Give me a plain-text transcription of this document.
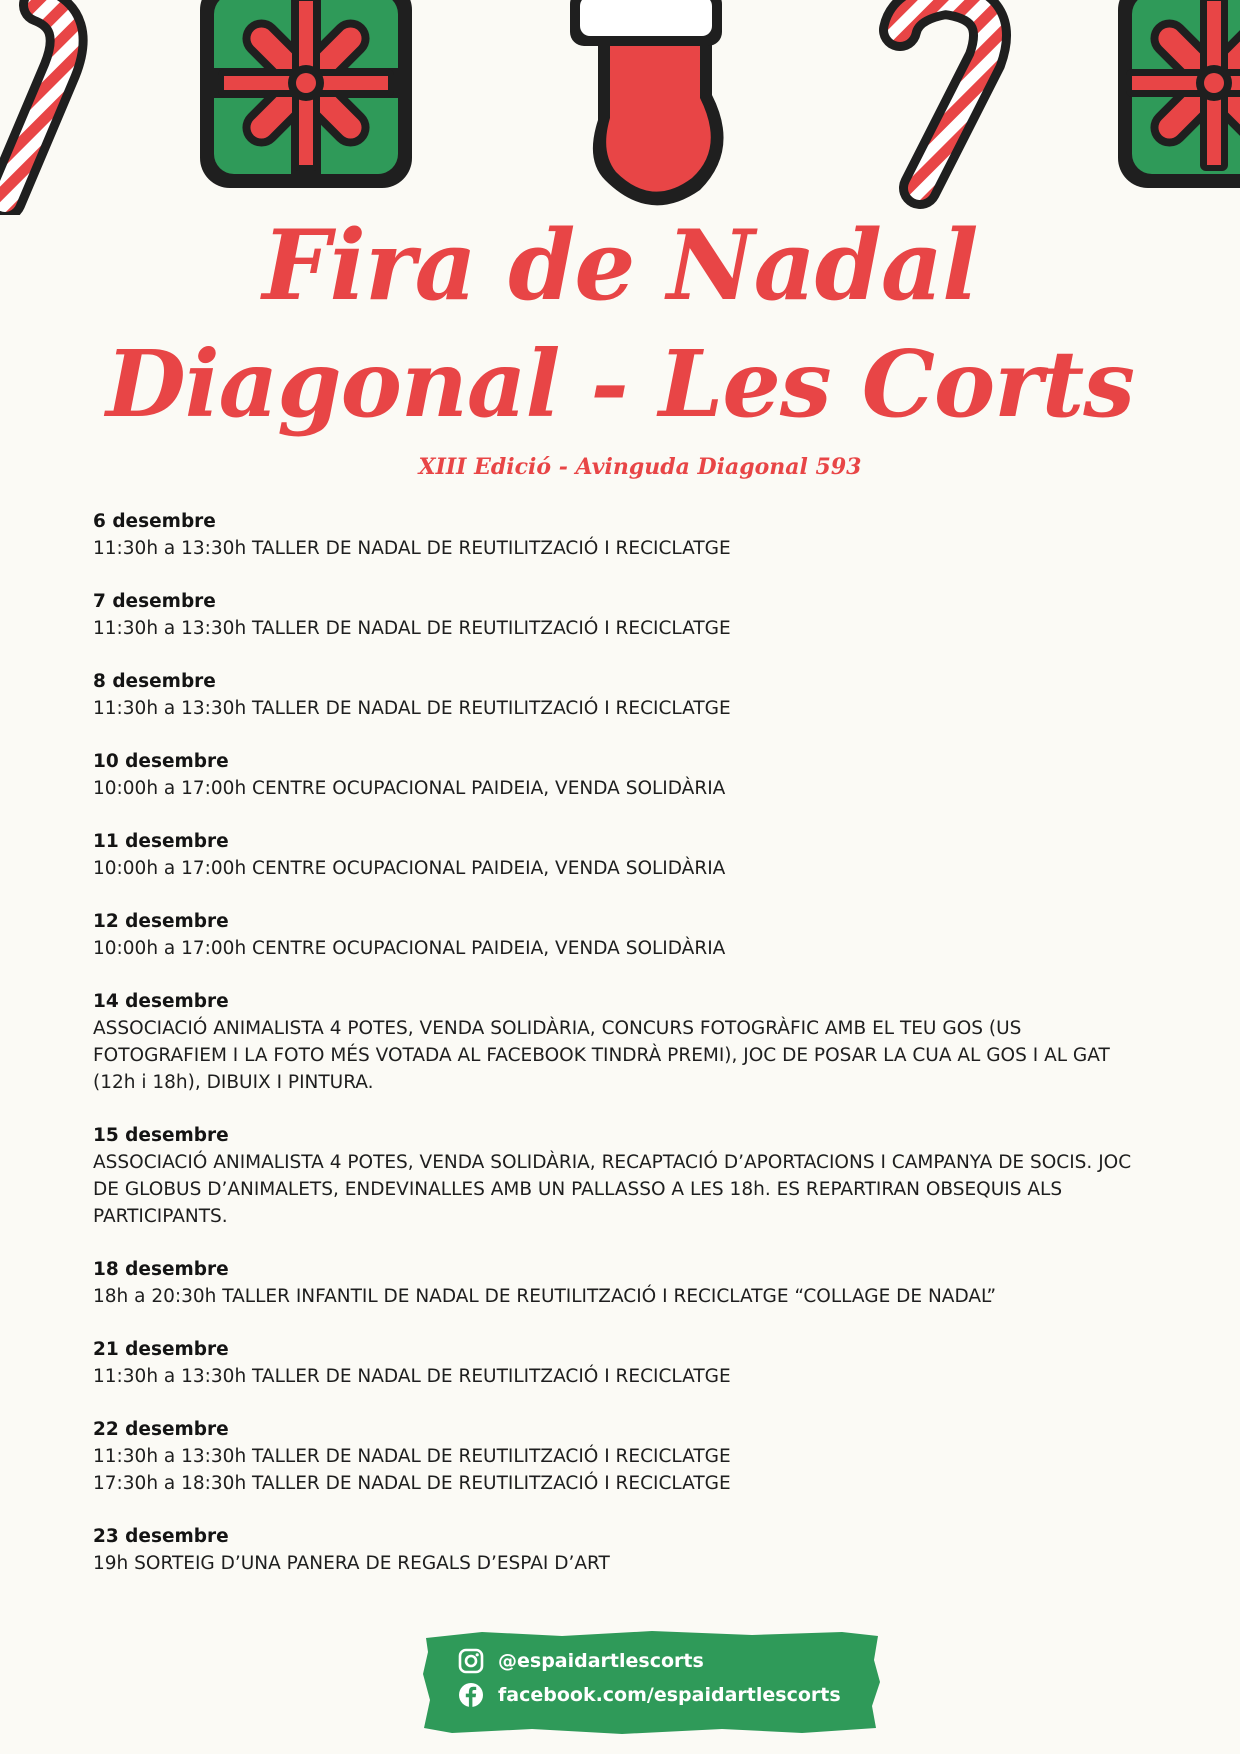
Fira de Nadal
Diagonal - Les Corts
XIII Edició - Avinguda Diagonal 593
6 desembre
11:30h a 13:30h TALLER DE NADAL DE REUTILITZACIÓ I RECICLATGE
7 desembre
11:30h a 13:30h TALLER DE NADAL DE REUTILITZACIÓ I RECICLATGE
8 desembre
11:30h a 13:30h TALLER DE NADAL DE REUTILITZACIÓ I RECICLATGE
10 desembre
10:00h a 17:00h CENTRE OCUPACIONAL PAIDEIA, VENDA SOLIDÀRIA
11 desembre
10:00h a 17:00h CENTRE OCUPACIONAL PAIDEIA, VENDA SOLIDÀRIA
12 desembre
10:00h a 17:00h CENTRE OCUPACIONAL PAIDEIA, VENDA SOLIDÀRIA
14 desembre
ASSOCIACIÓ ANIMALISTA 4 POTES, VENDA SOLIDÀRIA, CONCURS FOTOGRÀFIC AMB EL TEU GOS (US FOTOGRAFIEM I LA FOTO MÉS VOTADA AL FACEBOOK TINDRÀ PREMI), JOC DE POSAR LA CUA AL GOS I AL GAT (12h i 18h), DIBUIX I PINTURA.
15 desembre
ASSOCIACIÓ ANIMALISTA 4 POTES, VENDA SOLIDÀRIA, RECAPTACIÓ D’APORTACIONS I CAMPANYA DE SOCIS. JOC DE GLOBUS D’ANIMALETS, ENDEVINALLES AMB UN PALLASSO A LES 18h. ES REPARTIRAN OBSEQUIS ALS PARTICIPANTS.
18 desembre
18h a 20:30h TALLER INFANTIL DE NADAL DE REUTILITZACIÓ I RECICLATGE “COLLAGE DE NADAL”
21 desembre
11:30h a 13:30h TALLER DE NADAL DE REUTILITZACIÓ I RECICLATGE
22 desembre
11:30h a 13:30h TALLER DE NADAL DE REUTILITZACIÓ I RECICLATGE
17:30h a 18:30h TALLER DE NADAL DE REUTILITZACIÓ I RECICLATGE
23 desembre
19h SORTEIG D’UNA PANERA DE REGALS D’ESPAI D’ART
@espaidartlescorts
facebook.com/espaidartlescorts
